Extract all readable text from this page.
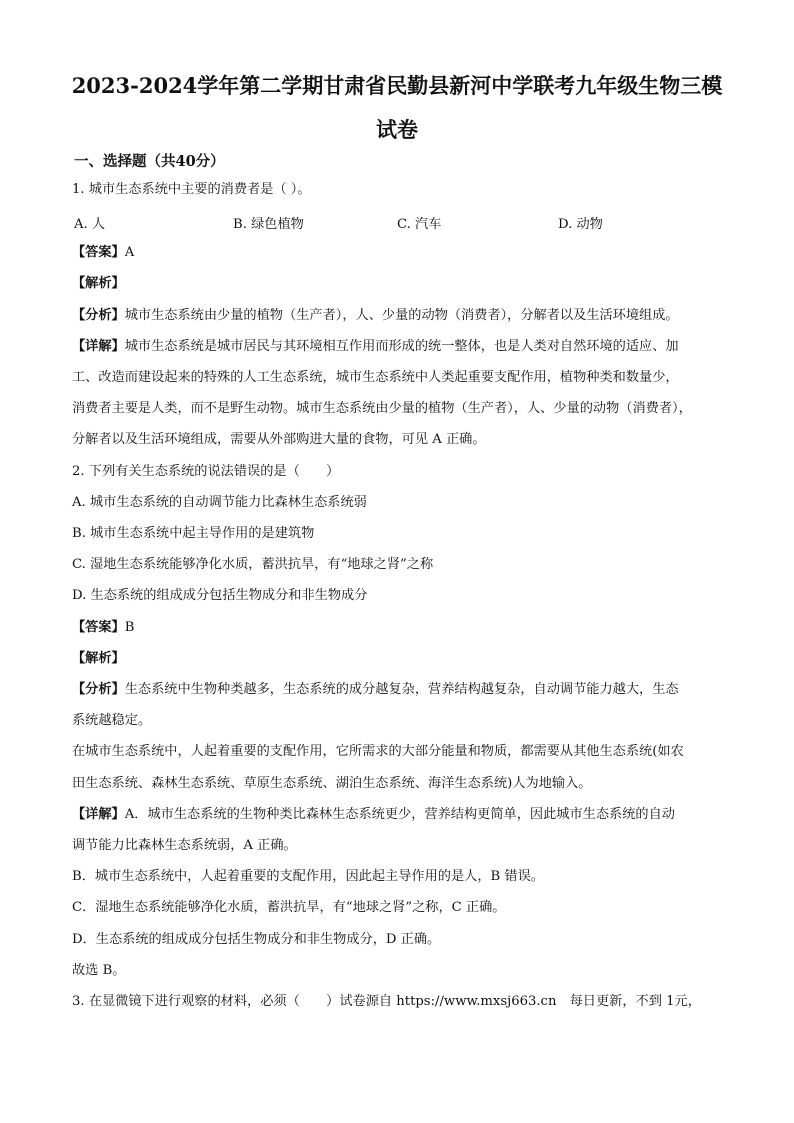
2023-2024学年第二学期甘肃省民勤县新河中学联考九年级生物三模
试卷
一、选择题（共40分）
1. 城市生态系统中主要的消费者是（ ）。
A. 人	B. 绿色植物	C. 汽车	D. 动物
【答案】A
【解析】
【分析】城市生态系统由少量的植物（生产者），人、少量的动物（消费者），分解者以及生活环境组成。
【详解】城市生态系统是城市居民与其环境相互作用而形成的统一整体，也是人类对自然环境的适应、加
工、改造而建设起来的特殊的人工生态系统，城市生态系统中人类起重要支配作用，植物种类和数量少，
消费者主要是人类，而不是野生动物。城市生态系统由少量的植物（生产者），人、少量的动物（消费者），
分解者以及生活环境组成，需要从外部购进大量的食物，可见 A 正确。
2. 下列有关生态系统的说法错误的是（　　）
A. 城市生态系统的自动调节能力比森林生态系统弱
B. 城市生态系统中起主导作用的是建筑物
C. 湿地生态系统能够净化水质，蓄洪抗旱，有“地球之肾”之称
D. 生态系统的组成成分包括生物成分和非生物成分
【答案】B
【解析】
【分析】生态系统中生物种类越多，生态系统的成分越复杂，营养结构越复杂，自动调节能力越大，生态
系统越稳定。
在城市生态系统中，人起着重要的支配作用，它所需求的大部分能量和物质，都需要从其他生态系统(如农
田生态系统、森林生态系统、草原生态系统、湖泊生态系统、海洋生态系统)人为地输入。
【详解】A．城市生态系统的生物种类比森林生态系统更少，营养结构更简单，因此城市生态系统的自动
调节能力比森林生态系统弱，A 正确。
B．城市生态系统中，人起着重要的支配作用，因此起主导作用的是人，B 错误。
C．湿地生态系统能够净化水质，蓄洪抗旱，有“地球之肾”之称，C 正确。
D．生态系统的组成成分包括生物成分和非生物成分，D 正确。
故选 B。
3. 在显微镜下进行观察的材料，必须（　　）试卷源自 https://www.mxsj663.cn　每日更新，不到 1元，
